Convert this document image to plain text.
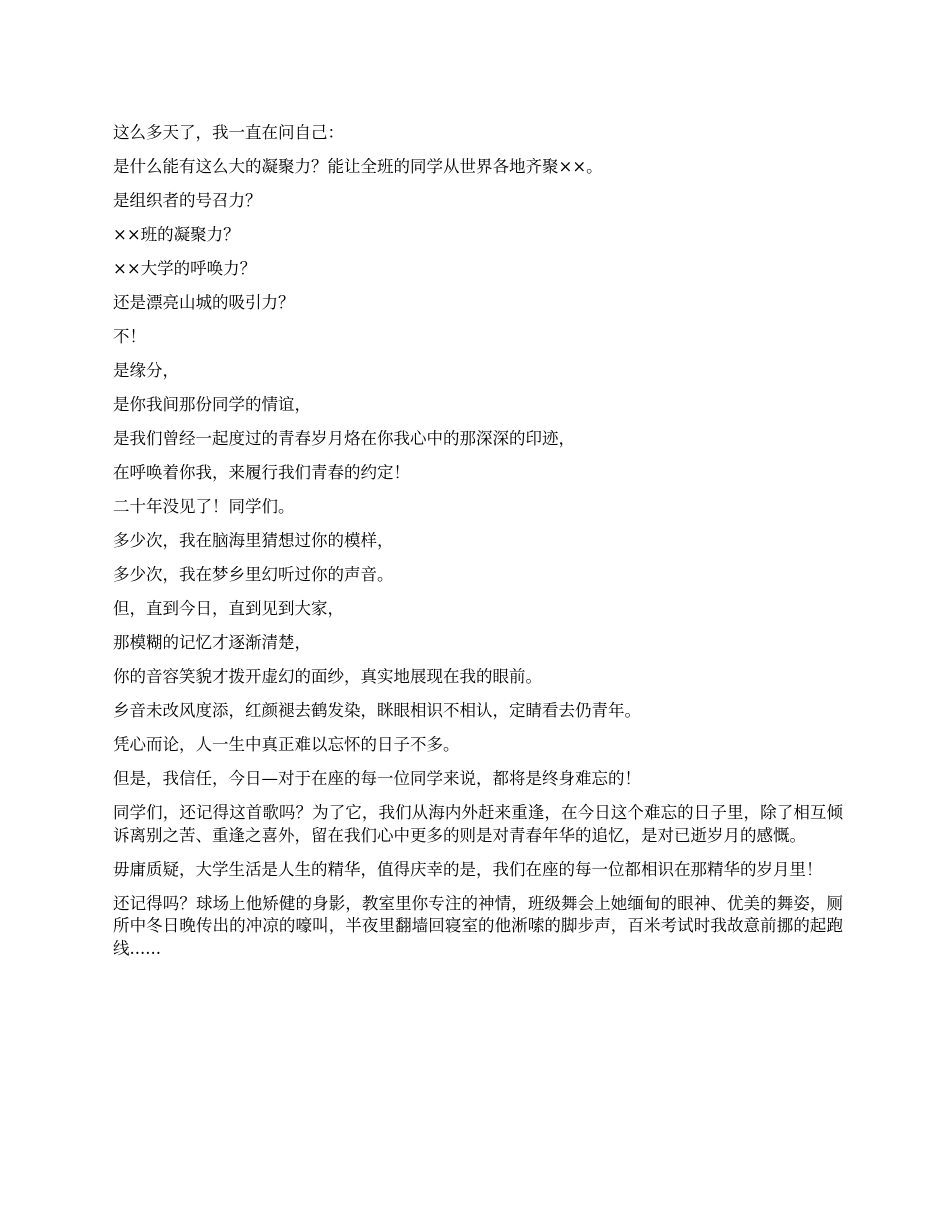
这么多天了，我一直在问自己：

是什么能有这么大的凝聚力？能让全班的同学从世界各地齐聚××。

是组织者的号召力？

××班的凝聚力？

××大学的呼唤力？

还是漂亮山城的吸引力？

不！

是缘分，

是你我间那份同学的情谊，

是我们曾经一起度过的青春岁月烙在你我心中的那深深的印迹，

在呼唤着你我，来履行我们青春的约定！

二十年没见了！同学们。

多少次，我在脑海里猜想过你的模样，

多少次，我在梦乡里幻听过你的声音。

但，直到今日，直到见到大家，

那模糊的记忆才逐渐清楚，

你的音容笑貌才拨开虚幻的面纱，真实地展现在我的眼前。

乡音未改风度添，红颜褪去鹤发染，眯眼相识不相认，定睛看去仍青年。

凭心而论，人一生中真正难以忘怀的日子不多。

但是，我信任，今日—对于在座的每一位同学来说，都将是终身难忘的！

同学们，还记得这首歌吗？为了它，我们从海内外赶来重逢，在今日这个难忘的日子里，除了相互倾诉离别之苦、重逢之喜外，留在我们心中更多的则是对青春年华的追忆，是对已逝岁月的感慨。

毋庸质疑，大学生活是人生的精华，值得庆幸的是，我们在座的每一位都相识在那精华的岁月里！

还记得吗？球场上他矫健的身影，教室里你专注的神情，班级舞会上她缅甸的眼神、优美的舞姿，厕所中冬日晚传出的冲凉的嚎叫，半夜里翻墙回寝室的他淅嗦的脚步声，百米考试时我故意前挪的起跑线......
